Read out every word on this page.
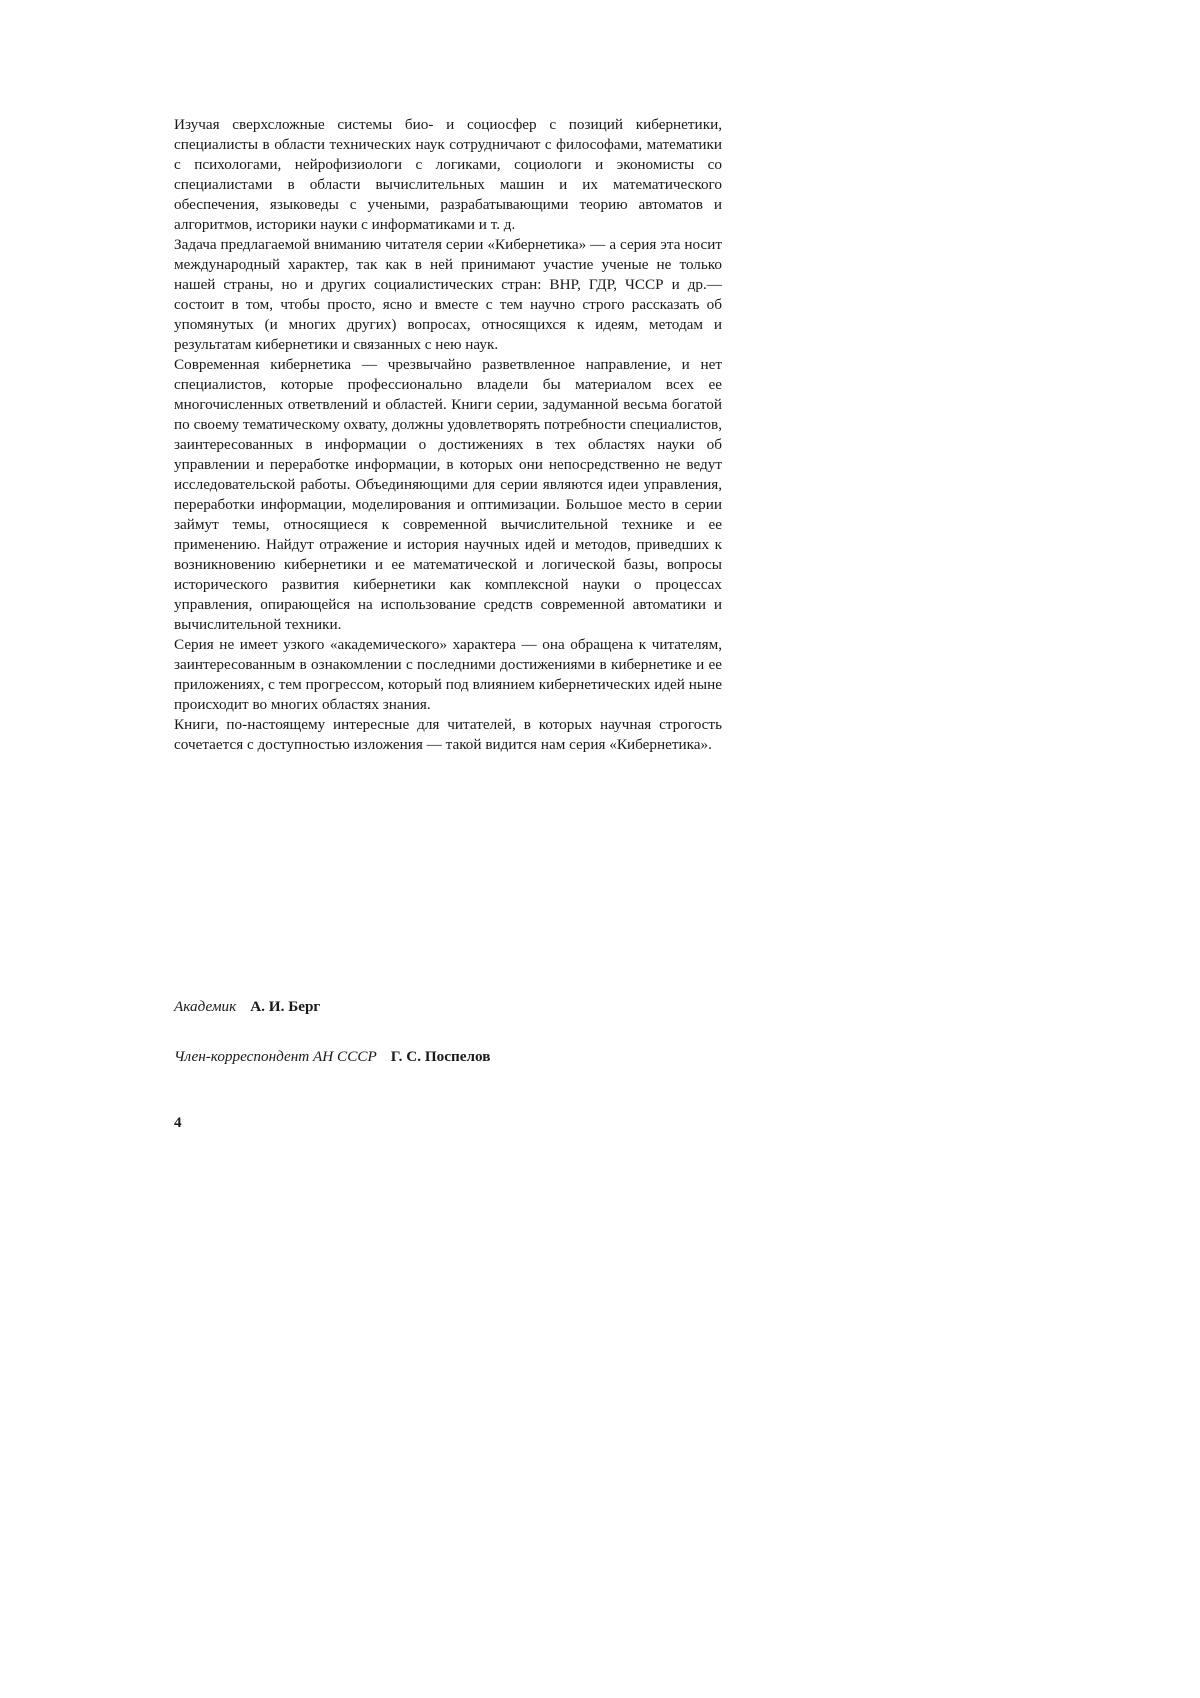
Изучая сверхсложные системы био- и социосфер с позиций кибернетики, специалисты в области технических наук сотрудничают с философами, математики с психологами, нейрофизиологи с логиками, социологи и экономисты со специалистами в области вычислительных машин и их математического обеспечения, языковеды с учеными, разрабатывающими теорию автоматов и алгоритмов, историки науки с информатиками и т. д.

Задача предлагаемой вниманию читателя серии «Кибернетика» — а серия эта носит международный характер, так как в ней принимают участие ученые не только нашей страны, но и других социалистических стран: ВНР, ГДР, ЧССР и др.— состоит в том, чтобы просто, ясно и вместе с тем научно строго рассказать об упомянутых (и многих других) вопросах, относящихся к идеям, методам и результатам кибернетики и связанных с нею наук.

Современная кибернетика — чрезвычайно разветвленное направление, и нет специалистов, которые профессионально владели бы материалом всех ее многочисленных ответвлений и областей. Книги серии, задуманной весьма богатой по своему тематическому охвату, должны удовлетворять потребности специалистов, заинтересованных в информации о достижениях в тех областях науки об управлении и переработке информации, в которых они непосредственно не ведут исследовательской работы. Объединяющими для серии являются идеи управления, переработки информации, моделирования и оптимизации. Большое место в серии займут темы, относящиеся к современной вычислительной технике и ее применению. Найдут отражение и история научных идей и методов, приведших к возникновению кибернетики и ее математической и логической базы, вопросы исторического развития кибернетики как комплексной науки о процессах управления, опирающейся на использование средств современной автоматики и вычислительной техники.

Серия не имеет узкого «академического» характера — она обращена к читателям, заинтересованным в ознакомлении с последними достижениями в кибернетике и ее приложениях, с тем прогрессом, который под влиянием кибернетических идей ныне происходит во многих областях знания.

Книги, по-настоящему интересные для читателей, в которых научная строгость сочетается с доступностью изложения — такой видится нам серия «Кибернетика».

Академик А. И. Берг
Член-корреспондент АН СССР Г. С. Поспелов
4
